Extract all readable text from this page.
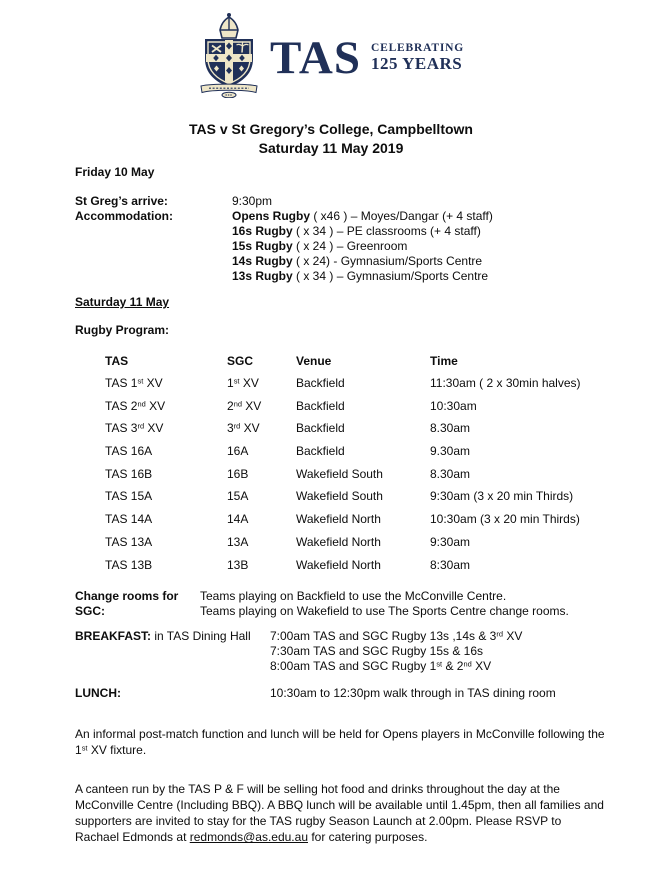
TAS CELEBRATING
125 YEARS
TAS v St Gregory’s College, Campbelltown
Saturday 11 May 2019
Friday 10 May
St Greg’s arrive:	9:30pm
Accommodation:	Opens Rugby ( x46 ) – Moyes/Dangar (+ 4 staff)
16s Rugby ( x 34 ) – PE classrooms (+ 4 staff)
15s Rugby ( x 24 ) – Greenroom
14s Rugby ( x 24) - Gymnasium/Sports Centre
13s Rugby ( x 34 ) – Gymnasium/Sports Centre
Saturday 11 May
Rugby Program:
TAS	SGC	Venue	Time
TAS 1st XV	1st XV	Backfield	11:30am ( 2 x 30min halves)
TAS 2nd XV	2nd XV	Backfield	10:30am
TAS 3rd XV	3rd XV	Backfield	8.30am
TAS 16A	16A	Backfield	9.30am
TAS 16B	16B	Wakefield South	8.30am
TAS 15A	15A	Wakefield South	9:30am (3 x 20 min Thirds)
TAS 14A	14A	Wakefield North	10:30am (3 x 20 min Thirds)
TAS 13A	13A	Wakefield North	9:30am
TAS 13B	13B	Wakefield North	8:30am
Change rooms for SGC:
Teams playing on Backfield to use the McConville Centre.
Teams playing on Wakefield to use The Sports Centre change rooms.
BREAKFAST: in TAS Dining Hall	7:00am TAS and SGC Rugby 13s ,14s & 3rd XV
7:30am TAS and SGC Rugby 15s & 16s
8:00am TAS and SGC Rugby 1st & 2nd XV
LUNCH:	10:30am to 12:30pm walk through in TAS dining room

An informal post-match function and lunch will be held for Opens players in McConville following the 1st XV fixture.

A canteen run by the TAS P & F will be selling hot food and drinks throughout the day at the McConville Centre (Including BBQ). A BBQ lunch will be available until 1.45pm, then all families and supporters are invited to stay for the TAS rugby Season Launch at 2.00pm. Please RSVP to Rachael Edmonds at redmonds@as.edu.au for catering purposes.
